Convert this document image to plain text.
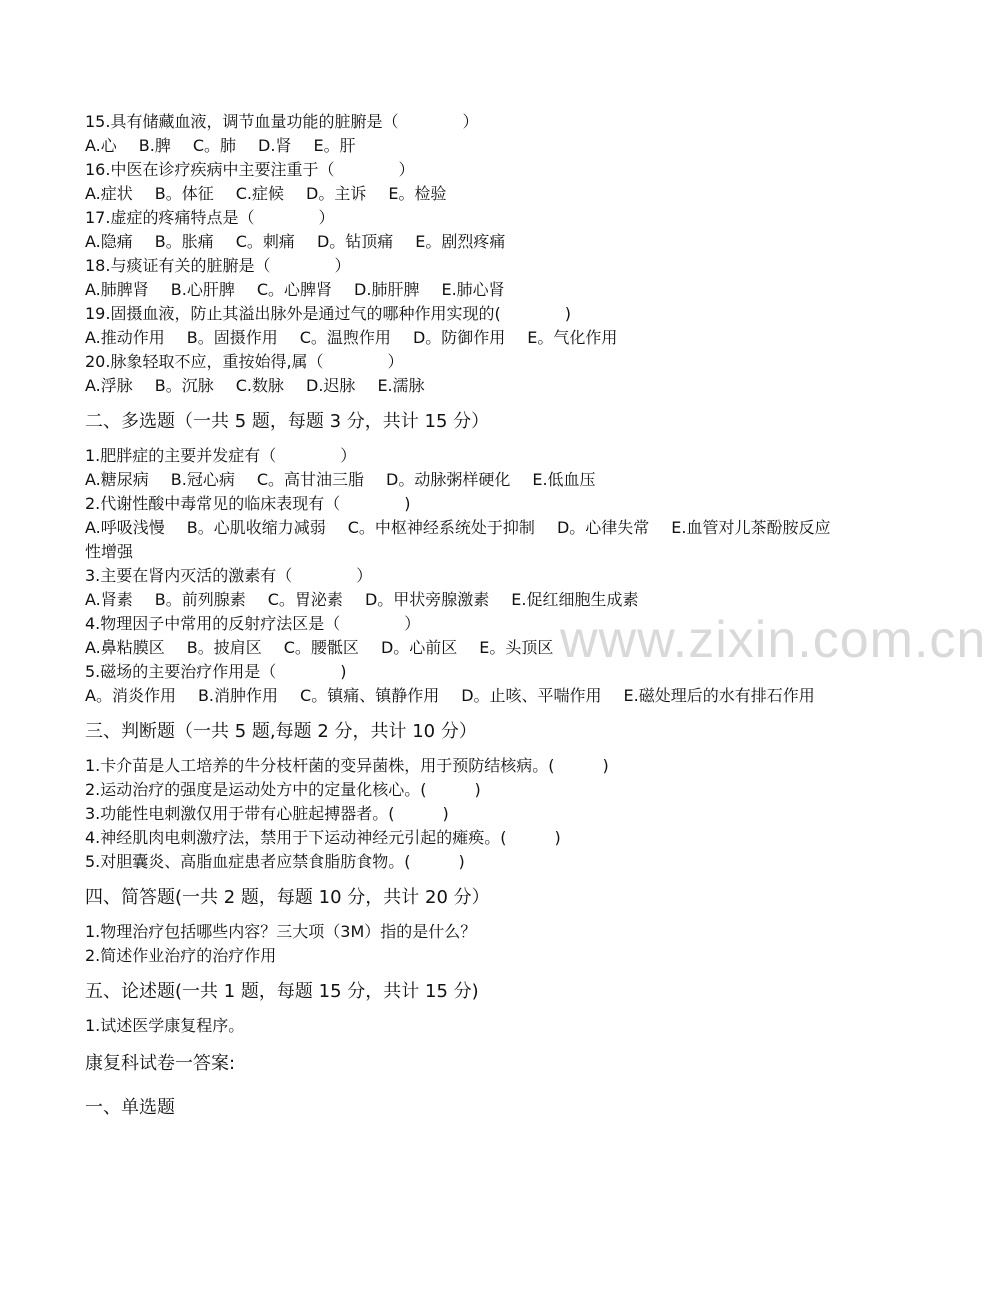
15.具有储藏血液，调节血量功能的脏腑是（　　　　）
A.心 B.脾 C。肺 D.肾 E。肝
16.中医在诊疗疾病中主要注重于（　　　　）
A.症状 B。体征 C.症候 D。主诉 E。检验
17.虚症的疼痛特点是（　　　　）
A.隐痛 B。胀痛 C。刺痛 D。钻顶痛 E。剧烈疼痛
18.与痰证有关的脏腑是（　　　　）
A.肺脾肾 B.心肝脾 C。心脾肾 D.肺肝脾 E.肺心肾
19.固摄血液，防止其溢出脉外是通过气的哪种作用实现的(　　　　)
A.推动作用 B。固摄作用 C。温煦作用 D。防御作用 E。气化作用
20.脉象轻取不应，重按始得,属（　　　　）
A.浮脉 B。沉脉 C.数脉 D.迟脉 E.濡脉
二、多选题（一共 5 题，每题 3 分，共计 15 分）
1.肥胖症的主要并发症有（　　　　）
A.糖尿病 B.冠心病 C。高甘油三脂 D。动脉粥样硬化 E.低血压
2.代谢性酸中毒常见的临床表现有（　　　　)
A.呼吸浅慢 B。心肌收缩力减弱 C。中枢神经系统处于抑制 D。心律失常 E.血管对儿茶酚胺反应性增强
3.主要在肾内灭活的激素有（　　　　）
A.肾素 B。前列腺素 C。胃泌素 D。甲状旁腺激素 E.促红细胞生成素
4.物理因子中常用的反射疗法区是（　　　　）
A.鼻粘膜区 B。披肩区 C。腰骶区 D。心前区 E。头顶区
5.磁场的主要治疗作用是（　　　　)
A。消炎作用 B.消肿作用 C。镇痛、镇静作用 D。止咳、平喘作用 E.磁处理后的水有排石作用
三、判断题（一共 5 题,每题 2 分，共计 10 分）
1.卡介苗是人工培养的牛分枝杆菌的变异菌株，用于预防结核病。(　　　)
2.运动治疗的强度是运动处方中的定量化核心。(　　　)
3.功能性电刺激仅用于带有心脏起搏器者。(　　　)
4.神经肌肉电刺激疗法，禁用于下运动神经元引起的瘫痪。(　　　)
5.对胆囊炎、高脂血症患者应禁食脂肪食物。(　　　)
四、简答题(一共 2 题，每题 10 分，共计 20 分）
1.物理治疗包括哪些内容？三大项（3M）指的是什么？
2.简述作业治疗的治疗作用
五、论述题(一共 1 题，每题 15 分，共计 15 分)
1.试述医学康复程序。
康复科试卷一答案:
一、单选题
www.zixin.com.cn
